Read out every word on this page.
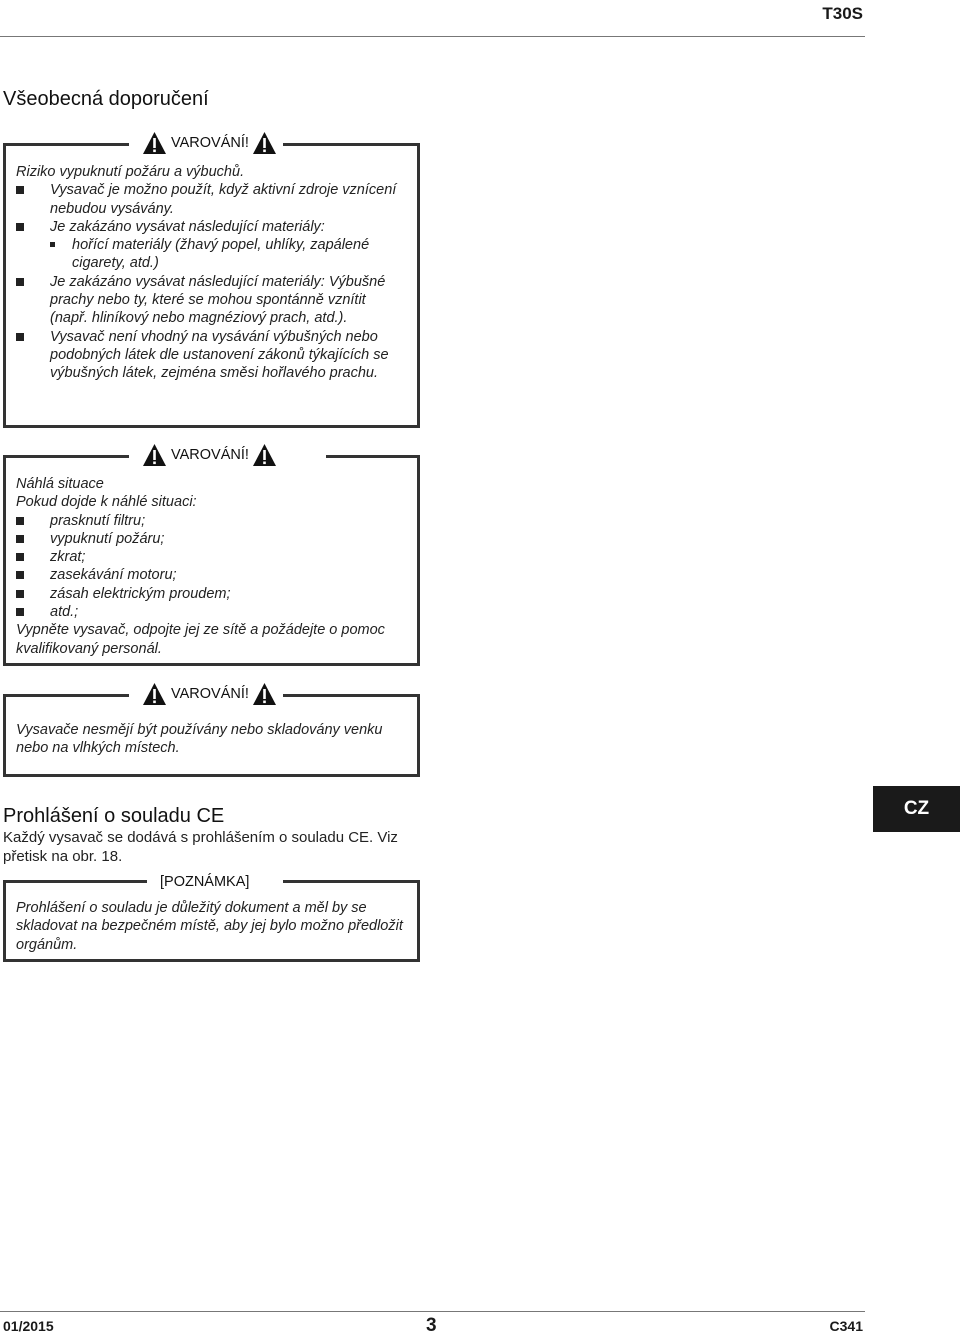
T30S
Všeobecná doporučení
VAROVÁNÍ!

Riziko vypuknutí požáru a výbuchů.

Vysavač je možno použít, když aktivní zdroje vznícení nebudou vysávány.
Je zakázáno vysávat následující materiály:
hořící materiály (žhavý popel, uhlíky, zapálené cigarety, atd.)
Je zakázáno vysávat následující materiály: Výbušné prachy nebo ty, které se mohou spontánně vznítit (např. hliníkový nebo magnéziový prach, atd.).
Vysavač není vhodný na vysávání výbušných nebo podobných látek dle ustanovení zákonů týkajících se výbušných látek, zejména směsi hořlavého prachu.
VAROVÁNÍ!

Náhlá situace

Pokud dojde k náhlé situaci:

prasknutí filtru;
vypuknutí požáru;
zkrat;
zasekávání motoru;
zásah elektrickým proudem;
atd.;

Vypněte vysavač, odpojte jej ze sítě a požádejte o pomoc kvalifikovaný personál.

VAROVÁNÍ!

Vysavače nesmějí být používány nebo skladovány venku nebo na vlhkých místech.

Prohlášení o souladu CE
Každý vysavač se dodává s prohlášením o souladu CE. Viz přetisk na obr. 18.
CZ
[POZNÁMKA]

Prohlášení o souladu je důležitý dokument a měl by se skladovat na bezpečném místě, aby jej bylo možno předložit orgánům.

01/2015	3	C341
